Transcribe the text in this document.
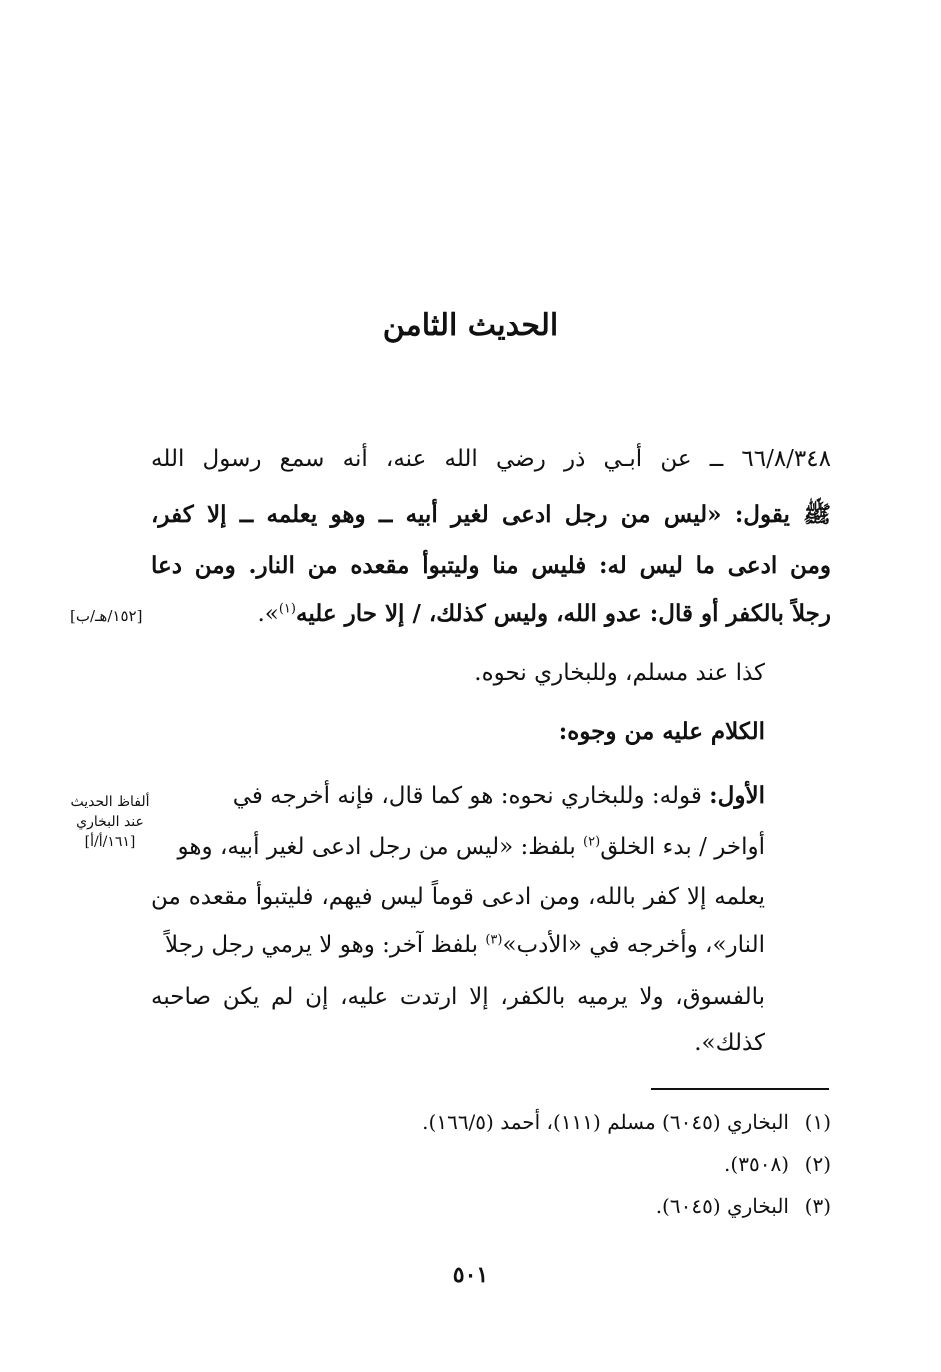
الحديث الثامن
٦٦/٨/٣٤٨ ــ عن أبـي ذر رضي الله عنه، أنه سمع رسول الله
ﷺ يقول: «ليس من رجل ادعى لغير أبيه ــ وهو يعلمه ــ إلا كفر،
ومن ادعى ما ليس له: فليس منا وليتبوأ مقعده من النار. ومن دعا
رجلاً بالكفر أو قال: عدو الله، وليس كذلك، / إلا حار عليه$^{(١)}$».
[١٥٢/هـ/ب]
كذا عند مسلم، وللبخاري نحوه.
الكلام عليه من وجوه:
الأول: قوله: وللبخاري نحوه: هو كما قال، فإنه أخرجه في
أواخر / بدء الخلق$^{(٢)}$ بلفظ: «ليس من رجل ادعى لغير أبيه، وهو
يعلمه إلا كفر بالله، ومن ادعى قوماً ليس فيهم، فليتبوأ مقعده من
النار»، وأخرجه في «الأدب»$^{(٣)}$ بلفظ آخر: وهو لا يرمي رجل رجلاً
بالفسوق، ولا يرميه بالكفر، إلا ارتدت عليه، إن لم يكن صاحبه
كذلك».
ألفاظ الحديث
عند البخاري
[١٦١/أ/أ]
(١)البخاري (٦٠٤٥) مسلم (١١١)، أحمد (١٦٦/٥).
(٢)(٣٥٠٨).
(٣)البخاري (٦٠٤٥).
٥٠١
